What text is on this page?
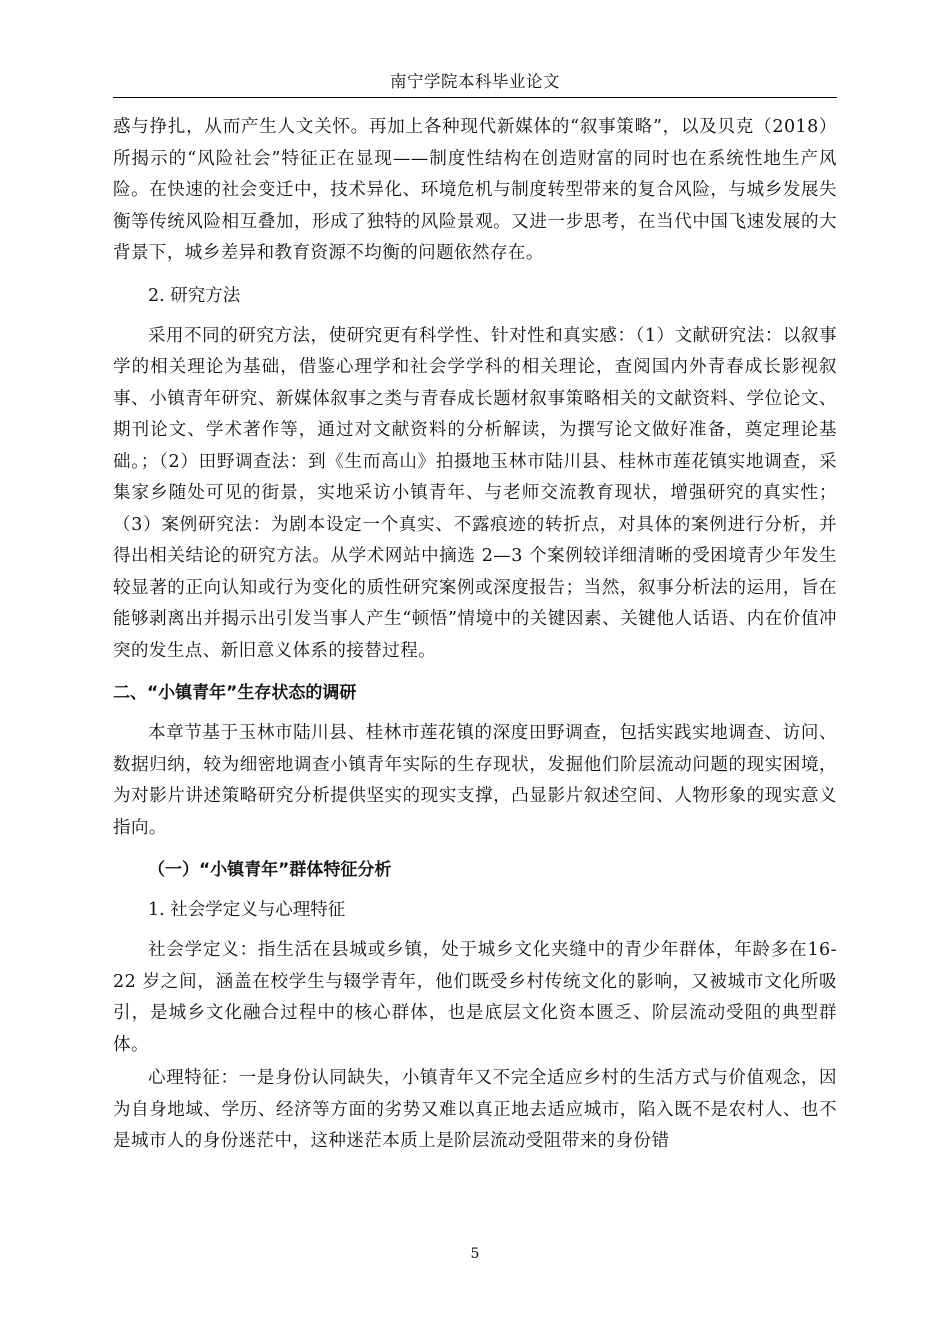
南宁学院本科毕业论文

惑与挣扎，从而产生人文关怀。再加上各种现代新媒体的“叙事策略”，以及贝克（2018）所揭示的“风险社会”特征正在显现——制度性结构在创造财富的同时也在系统性地生产风险。在快速的社会变迁中，技术异化、环境危机与制度转型带来的复合风险，与城乡发展失衡等传统风险相互叠加，形成了独特的风险景观。又进一步思考，在当代中国飞速发展的大背景下，城乡差异和教育资源不均衡的问题依然存在。

2. 研究方法

采用不同的研究方法，使研究更有科学性、针对性和真实感：（1）文献研究法：以叙事学的相关理论为基础，借鉴心理学和社会学学科的相关理论，查阅国内外青春成长影视叙事、小镇青年研究、新媒体叙事之类与青春成长题材叙事策略相关的文献资料、学位论文、期刊论文、学术著作等，通过对文献资料的分析解读，为撰写论文做好准备，奠定理论基础。；（2）田野调查法：到《生而高山》拍摄地玉林市陆川县、桂林市莲花镇实地调查，采集家乡随处可见的街景，实地采访小镇青年、与老师交流教育现状，增强研究的真实性；（3）案例研究法：为剧本设定一个真实、不露痕迹的转折点，对具体的案例进行分析，并得出相关结论的研究方法。从学术网站中摘选 2—3 个案例较详细清晰的受困境青少年发生较显著的正向认知或行为变化的质性研究案例或深度报告；当然，叙事分析法的运用，旨在能够剥离出并揭示出引发当事人产生“顿悟”情境中的关键因素、关键他人话语、内在价值冲突的发生点、新旧意义体系的接替过程。

二、“小镇青年”生存状态的调研

本章节基于玉林市陆川县、桂林市莲花镇的深度田野调查，包括实践实地调查、访问、数据归纳，较为细密地调查小镇青年实际的生存现状，发掘他们阶层流动问题的现实困境，为对影片讲述策略研究分析提供坚实的现实支撑，凸显影片叙述空间、人物形象的现实意义指向。

（一）“小镇青年”群体特征分析

1. 社会学定义与心理特征

社会学定义：指生活在县城或乡镇，处于城乡文化夹缝中的青少年群体，年龄多在16-22 岁之间，涵盖在校学生与辍学青年，他们既受乡村传统文化的影响，又被城市文化所吸引，是城乡文化融合过程中的核心群体，也是底层文化资本匮乏、阶层流动受阻的典型群体。

心理特征：一是身份认同缺失，小镇青年又不完全适应乡村的生活方式与价值观念，因为自身地域、学历、经济等方面的劣势又难以真正地去适应城市，陷入既不是农村人、也不是城市人的身份迷茫中，这种迷茫本质上是阶层流动受阻带来的身份错

5
